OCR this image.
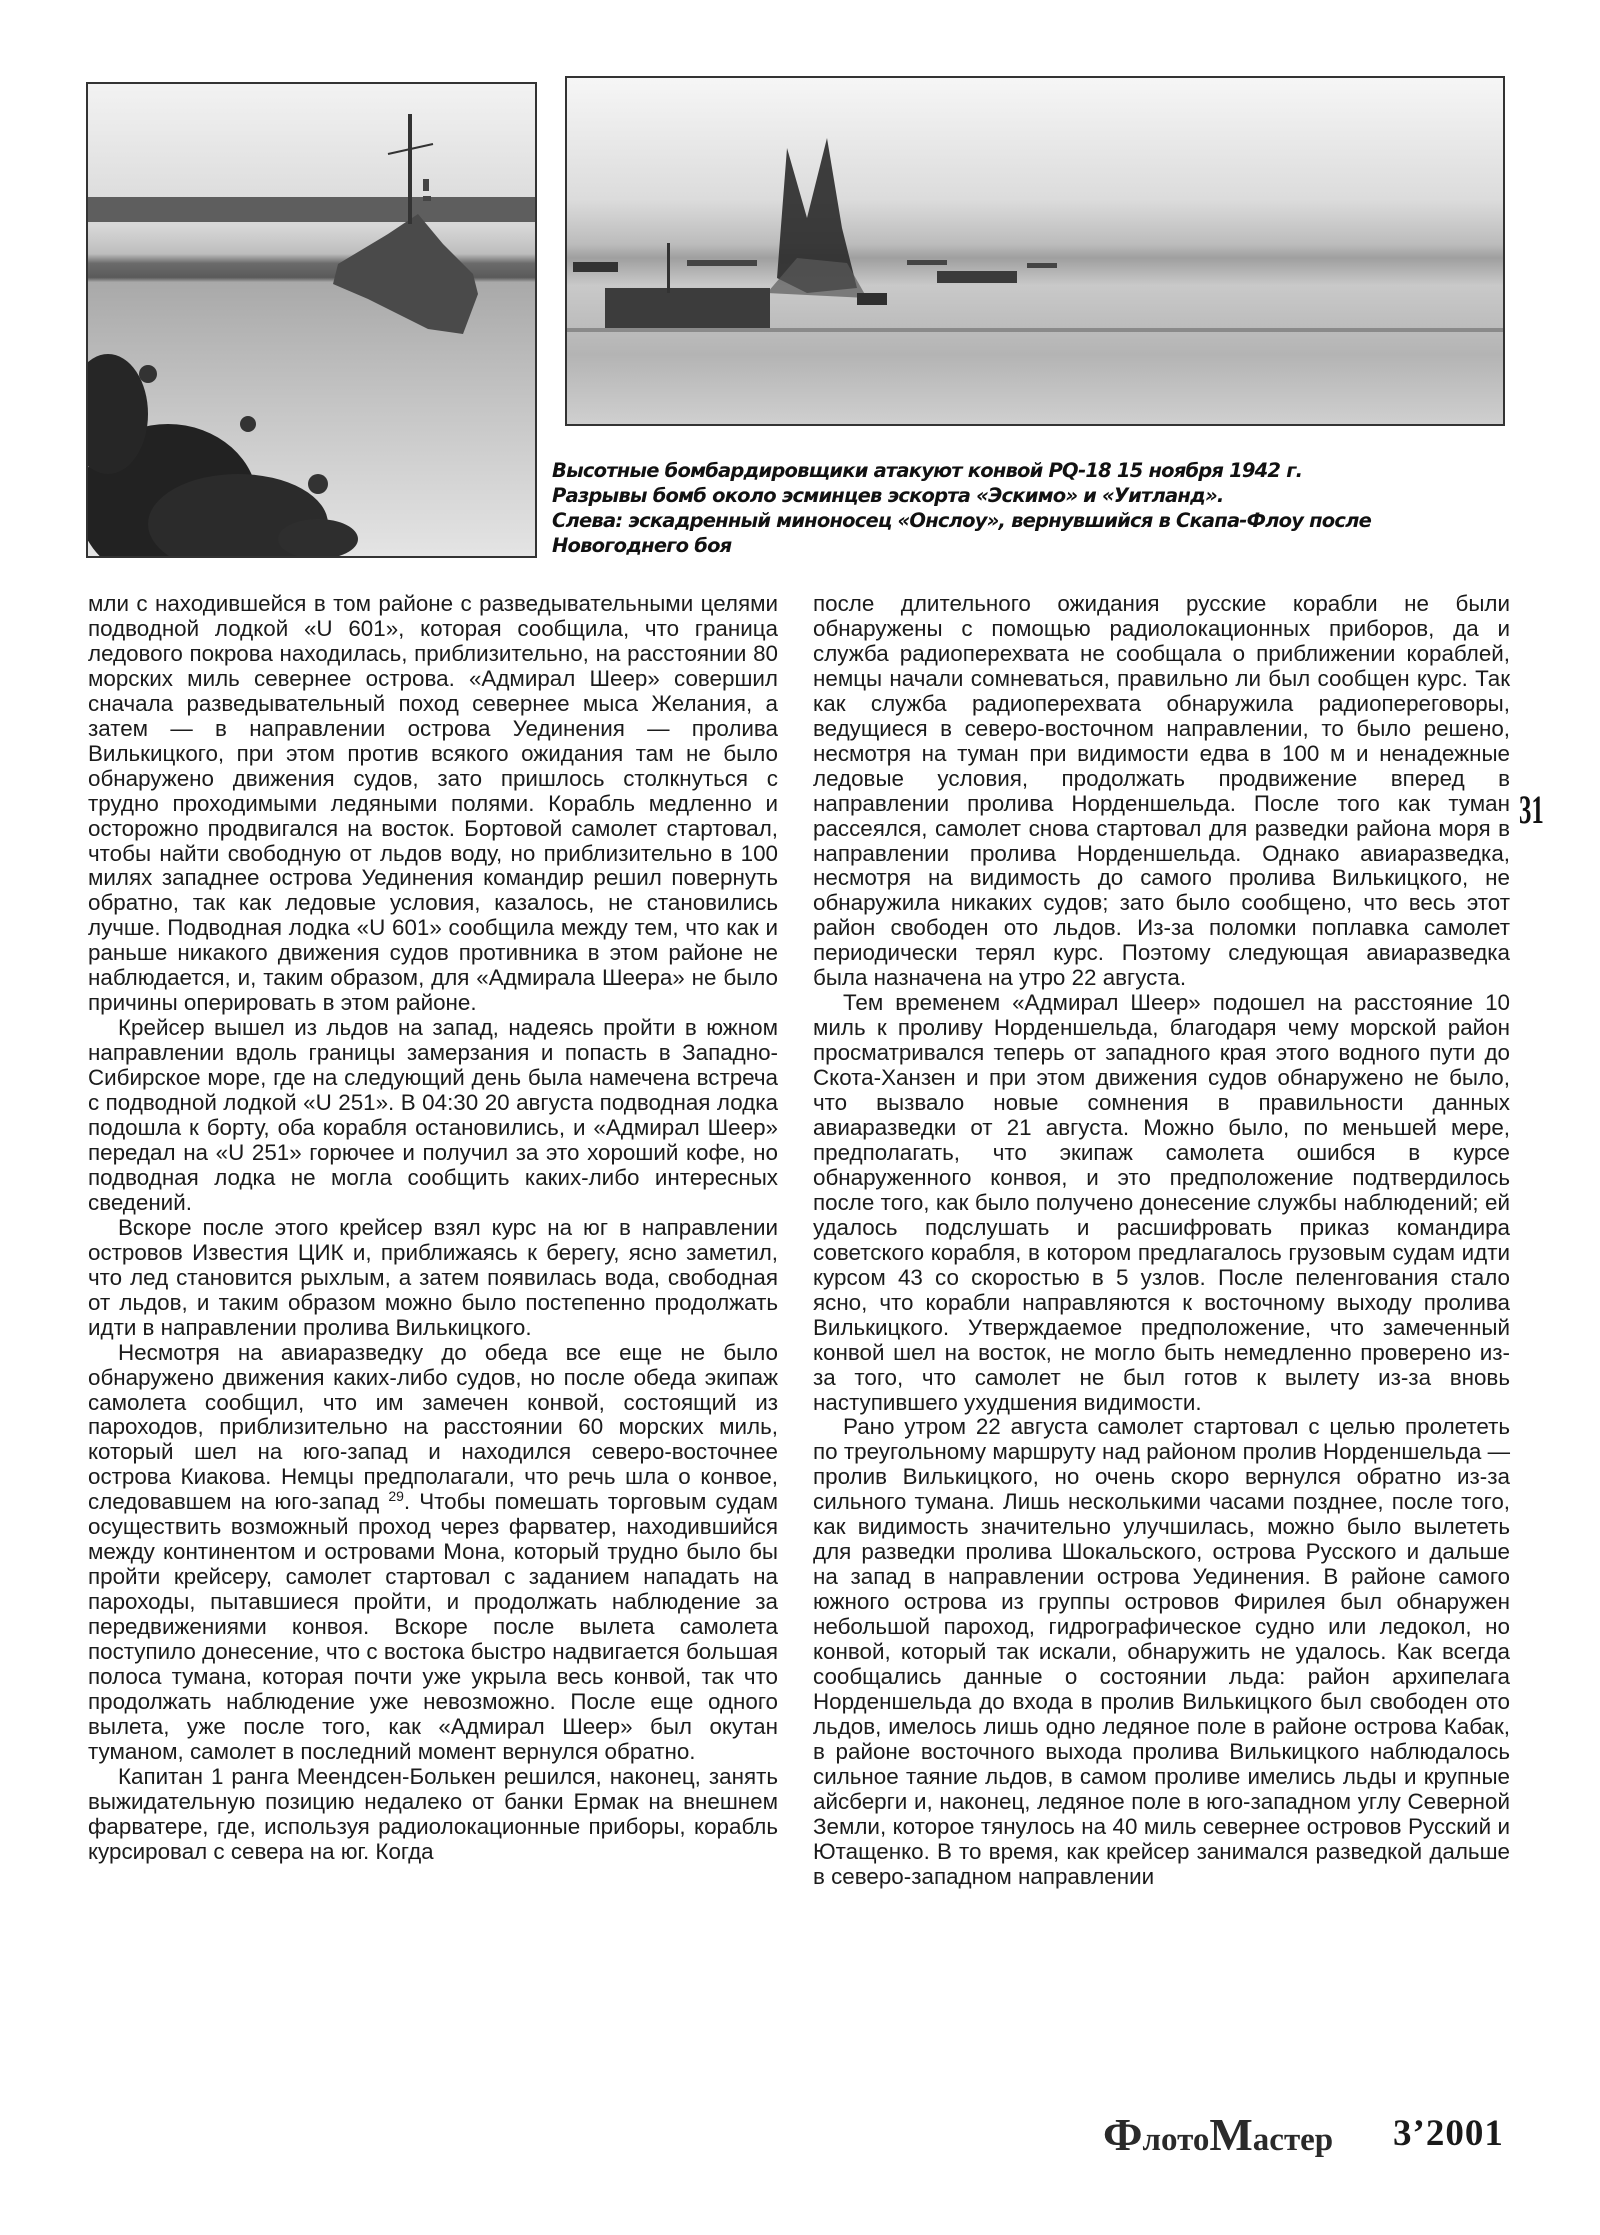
Высотные бомбардировщики атакуют конвой PQ-18 15 ноября 1942 г.
Разрывы бомб около эсминцев эскорта «Эскимо» и «Уитланд».
Слева: эскадренный миноносец «Онслоу», вернувшийся в Скапа-Флоу после
Новогоднего боя

мли с находившейся в том районе с разведывательными целями подводной лодкой «U 601», которая сообщила, что граница ледового покрова находилась, приблизительно, на расстоянии 80 морских миль севернее острова. «Адмирал Шеер» совершил сначала разведывательный поход севернее мыса Желания, а затем — в направлении острова Уединения — пролива Вилькицкого, при этом против всякого ожидания там не было обнаружено движения судов, зато пришлось столкнуться с трудно проходимыми ледяными полями. Корабль медленно и осторожно продвигался на восток. Бортовой самолет стартовал, чтобы найти свободную от льдов воду, но приблизительно в 100 милях западнее острова Уединения командир решил повернуть обратно, так как ледовые условия, казалось, не становились лучше. Подводная лодка «U 601» сообщила между тем, что как и раньше никакого движения судов противника в этом районе не наблюдается, и, таким образом, для «Адмирала Шеера» не было причины оперировать в этом районе.

Крейсер вышел из льдов на запад, надеясь пройти в южном направлении вдоль границы замерзания и попасть в Западно-Сибирское море, где на следующий день была намечена встреча с подводной лодкой «U 251». В 04:30 20 августа подводная лодка подошла к борту, оба корабля остановились, и «Адмирал Шеер» передал на «U 251» горючее и получил за это хороший кофе, но подводная лодка не могла сообщить каких-либо интересных сведений.

Вскоре после этого крейсер взял курс на юг в направлении островов Известия ЦИК и, приближаясь к берегу, ясно заметил, что лед становится рыхлым, а затем появилась вода, свободная от льдов, и таким образом можно было постепенно продолжать идти в направлении пролива Вилькицкого.

Несмотря на авиаразведку до обеда все еще не было обнаружено движения каких-либо судов, но после обеда экипаж самолета сообщил, что им замечен конвой, состоящий из пароходов, приблизительно на расстоянии 60 морских миль, который шел на юго-запад и находился северо-восточнее острова Киакова. Немцы предполагали, что речь шла о конвое, следовавшем на юго-запад $^{29}$. Чтобы помешать торговым судам осуществить возможный проход через фарватер, находившийся между континентом и островами Мона, который трудно было бы пройти крейсеру, самолет стартовал с заданием нападать на пароходы, пытавшиеся пройти, и продолжать наблюдение за передвижениями конвоя. Вскоре после вылета самолета поступило донесение, что с востока быстро надвигается большая полоса тумана, которая почти уже укрыла весь конвой, так что продолжать наблюдение уже невозможно. После еще одного вылета, уже после того, как «Адмирал Шеер» был окутан туманом, самолет в последний момент вернулся обратно.

Капитан 1 ранга Меендсен-Болькен решился, наконец, занять выжидательную позицию недалеко от банки Ермак на внешнем фарватере, где, используя радиолокационные приборы, корабль курсировал с севера на юг. Когда

после длительного ожидания русские корабли не были обнаружены с помощью радиолокационных приборов, да и служба радиоперехвата не сообщала о приближении кораблей, немцы начали сомневаться, правильно ли был сообщен курс. Так как служба радиоперехвата обнаружила радиопереговоры, ведущиеся в северо-восточном направлении, то было решено, несмотря на туман при видимости едва в 100 м и ненадежные ледовые условия, продолжать продвижение вперед в направлении пролива Норденшельда. После того как туман рассеялся, самолет снова стартовал для разведки района моря в направлении пролива Норденшельда. Однако авиаразведка, несмотря на видимость до самого пролива Вилькицкого, не обнаружила никаких судов; зато было сообщено, что весь этот район свободен ото льдов. Из-за поломки поплавка самолет периодически терял курс. Поэтому следующая авиаразведка была назначена на утро 22 августа.

Тем временем «Адмирал Шеер» подошел на расстояние 10 миль к проливу Норденшельда, благодаря чему морской район просматривался теперь от западного края этого водного пути до Скота-Ханзен и при этом движения судов обнаружено не было, что вызвало новые сомнения в правильности данных авиаразведки от 21 августа. Можно было, по меньшей мере, предполагать, что экипаж самолета ошибся в курсе обнаруженного конвоя, и это предположение подтвердилось после того, как было получено донесение службы наблюдений; ей удалось подслушать и расшифровать приказ командира советского корабля, в котором предлагалось грузовым судам идти курсом 43 со скоростью в 5 узлов. После пеленгования стало ясно, что корабли направляются к восточному выходу пролива Вилькицкого. Утверждаемое предположение, что замеченный конвой шел на восток, не могло быть немедленно проверено из-за того, что самолет не был готов к вылету из-за вновь наступившего ухудшения видимости.

Рано утром 22 августа самолет стартовал с целью пролететь по треугольному маршруту над районом пролив Норденшельда — пролив Вилькицкого, но очень скоро вернулся обратно из-за сильного тумана. Лишь несколькими часами позднее, после того, как видимость значительно улучшилась, можно было вылететь для разведки пролива Шокальского, острова Русского и дальше на запад в направлении острова Уединения. В районе самого южного острова из группы островов Фирилея был обнаружен небольшой пароход, гидрографическое судно или ледокол, но конвой, который так искали, обнаружить не удалось. Как всегда сообщались данные о состоянии льда: район архипелага Норденшельда до входа в пролив Вилькицкого был свободен ото льдов, имелось лишь одно ледяное поле в районе острова Кабак, в районе восточного выхода пролива Вилькицкого наблюдалось сильное таяние льдов, в самом проливе имелись льды и крупные айсберги и, наконец, ледяное поле в юго-западном углу Северной Земли, которое тянулось на 40 миль севернее островов Русский и Ютащенко. В то время, как крейсер занимался разведкой дальше в северо-западном направлении

31
ФлотоМастер 3’2001
